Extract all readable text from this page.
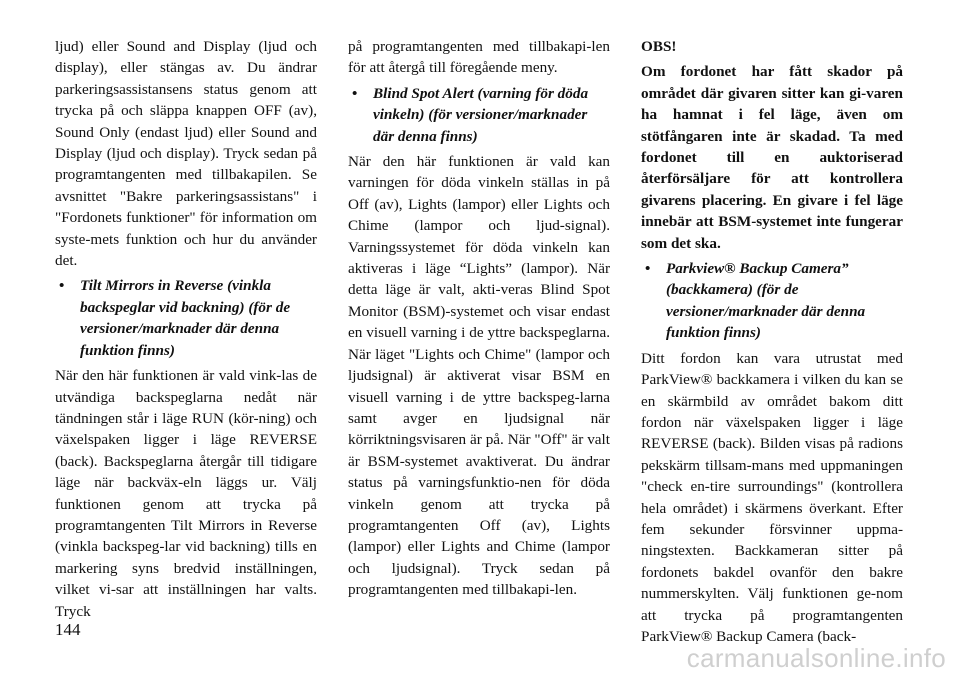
ljud) eller Sound and Display (ljud och display), eller stängas av. Du ändrar parkeringsassistansens status genom att trycka på och släppa knappen OFF (av), Sound Only (endast ljud) eller Sound and Display (ljud och display). Tryck sedan på programtangenten med tillbakapilen. Se avsnittet "Bakre parkeringsassistans" i "Fordonets funktioner" för information om syste-mets funktion och hur du använder det.

• Tilt Mirrors in Reverse (vinkla backspeglar vid backning) (för de versioner/marknader där denna funktion finns)

När den här funktionen är vald vink-las de utvändiga backspeglarna nedåt när tändningen står i läge RUN (kör-ning) och växelspaken ligger i läge REVERSE (back). Backspeglarna återgår till tidigare läge när backväx-eln läggs ur. Välj funktionen genom att trycka på programtangenten Tilt Mirrors in Reverse (vinkla backspeg-lar vid backning) tills en markering syns bredvid inställningen, vilket vi-sar att inställningen har valts. Tryck

på programtangenten med tillbakapi-len för att återgå till föregående meny.

• Blind Spot Alert (varning för döda vinkeln) (för versioner/marknader där denna finns)

När den här funktionen är vald kan varningen för döda vinkeln ställas in på Off (av), Lights (lampor) eller Lights och Chime (lampor och ljud-signal). Varningssystemet för döda vinkeln kan aktiveras i läge “Lights” (lampor). När detta läge är valt, akti-veras Blind Spot Monitor (BSM)-systemet och visar endast en visuell varning i de yttre backspeglarna. När läget "Lights och Chime" (lampor och ljudsignal) är aktiverat visar BSM en visuell varning i de yttre backspeg-larna samt avger en ljudsignal när körriktningsvisaren är på. När "Off" är valt är BSM-systemet avaktiverat. Du ändrar status på varningsfunktio-nen för döda vinkeln genom att trycka på programtangenten Off (av), Lights (lampor) eller Lights and Chime (lampor och ljudsignal). Tryck sedan på programtangenten med tillbakapi-len.

OBS!

Om fordonet har fått skador på området där givaren sitter kan gi-varen ha hamnat i fel läge, även om stötfångaren inte är skadad. Ta med fordonet till en auktoriserad återförsäljare för att kontrollera givarens placering. En givare i fel läge innebär att BSM-systemet inte fungerar som det ska.

• Parkview® Backup Camera” (backkamera) (för de versioner/marknader där denna funktion finns)

Ditt fordon kan vara utrustat med ParkView® backkamera i vilken du kan se en skärmbild av området bakom ditt fordon när växelspaken ligger i läge REVERSE (back). Bilden visas på radions pekskärm tillsam-mans med uppmaningen "check en-tire surroundings" (kontrollera hela området) i skärmens överkant. Efter fem sekunder försvinner uppma-ningstexten. Backkameran sitter på fordonets bakdel ovanför den bakre nummerskylten. Välj funktionen ge-nom att trycka på programtangenten ParkView® Backup Camera (back-

144
carmanualsonline.info
